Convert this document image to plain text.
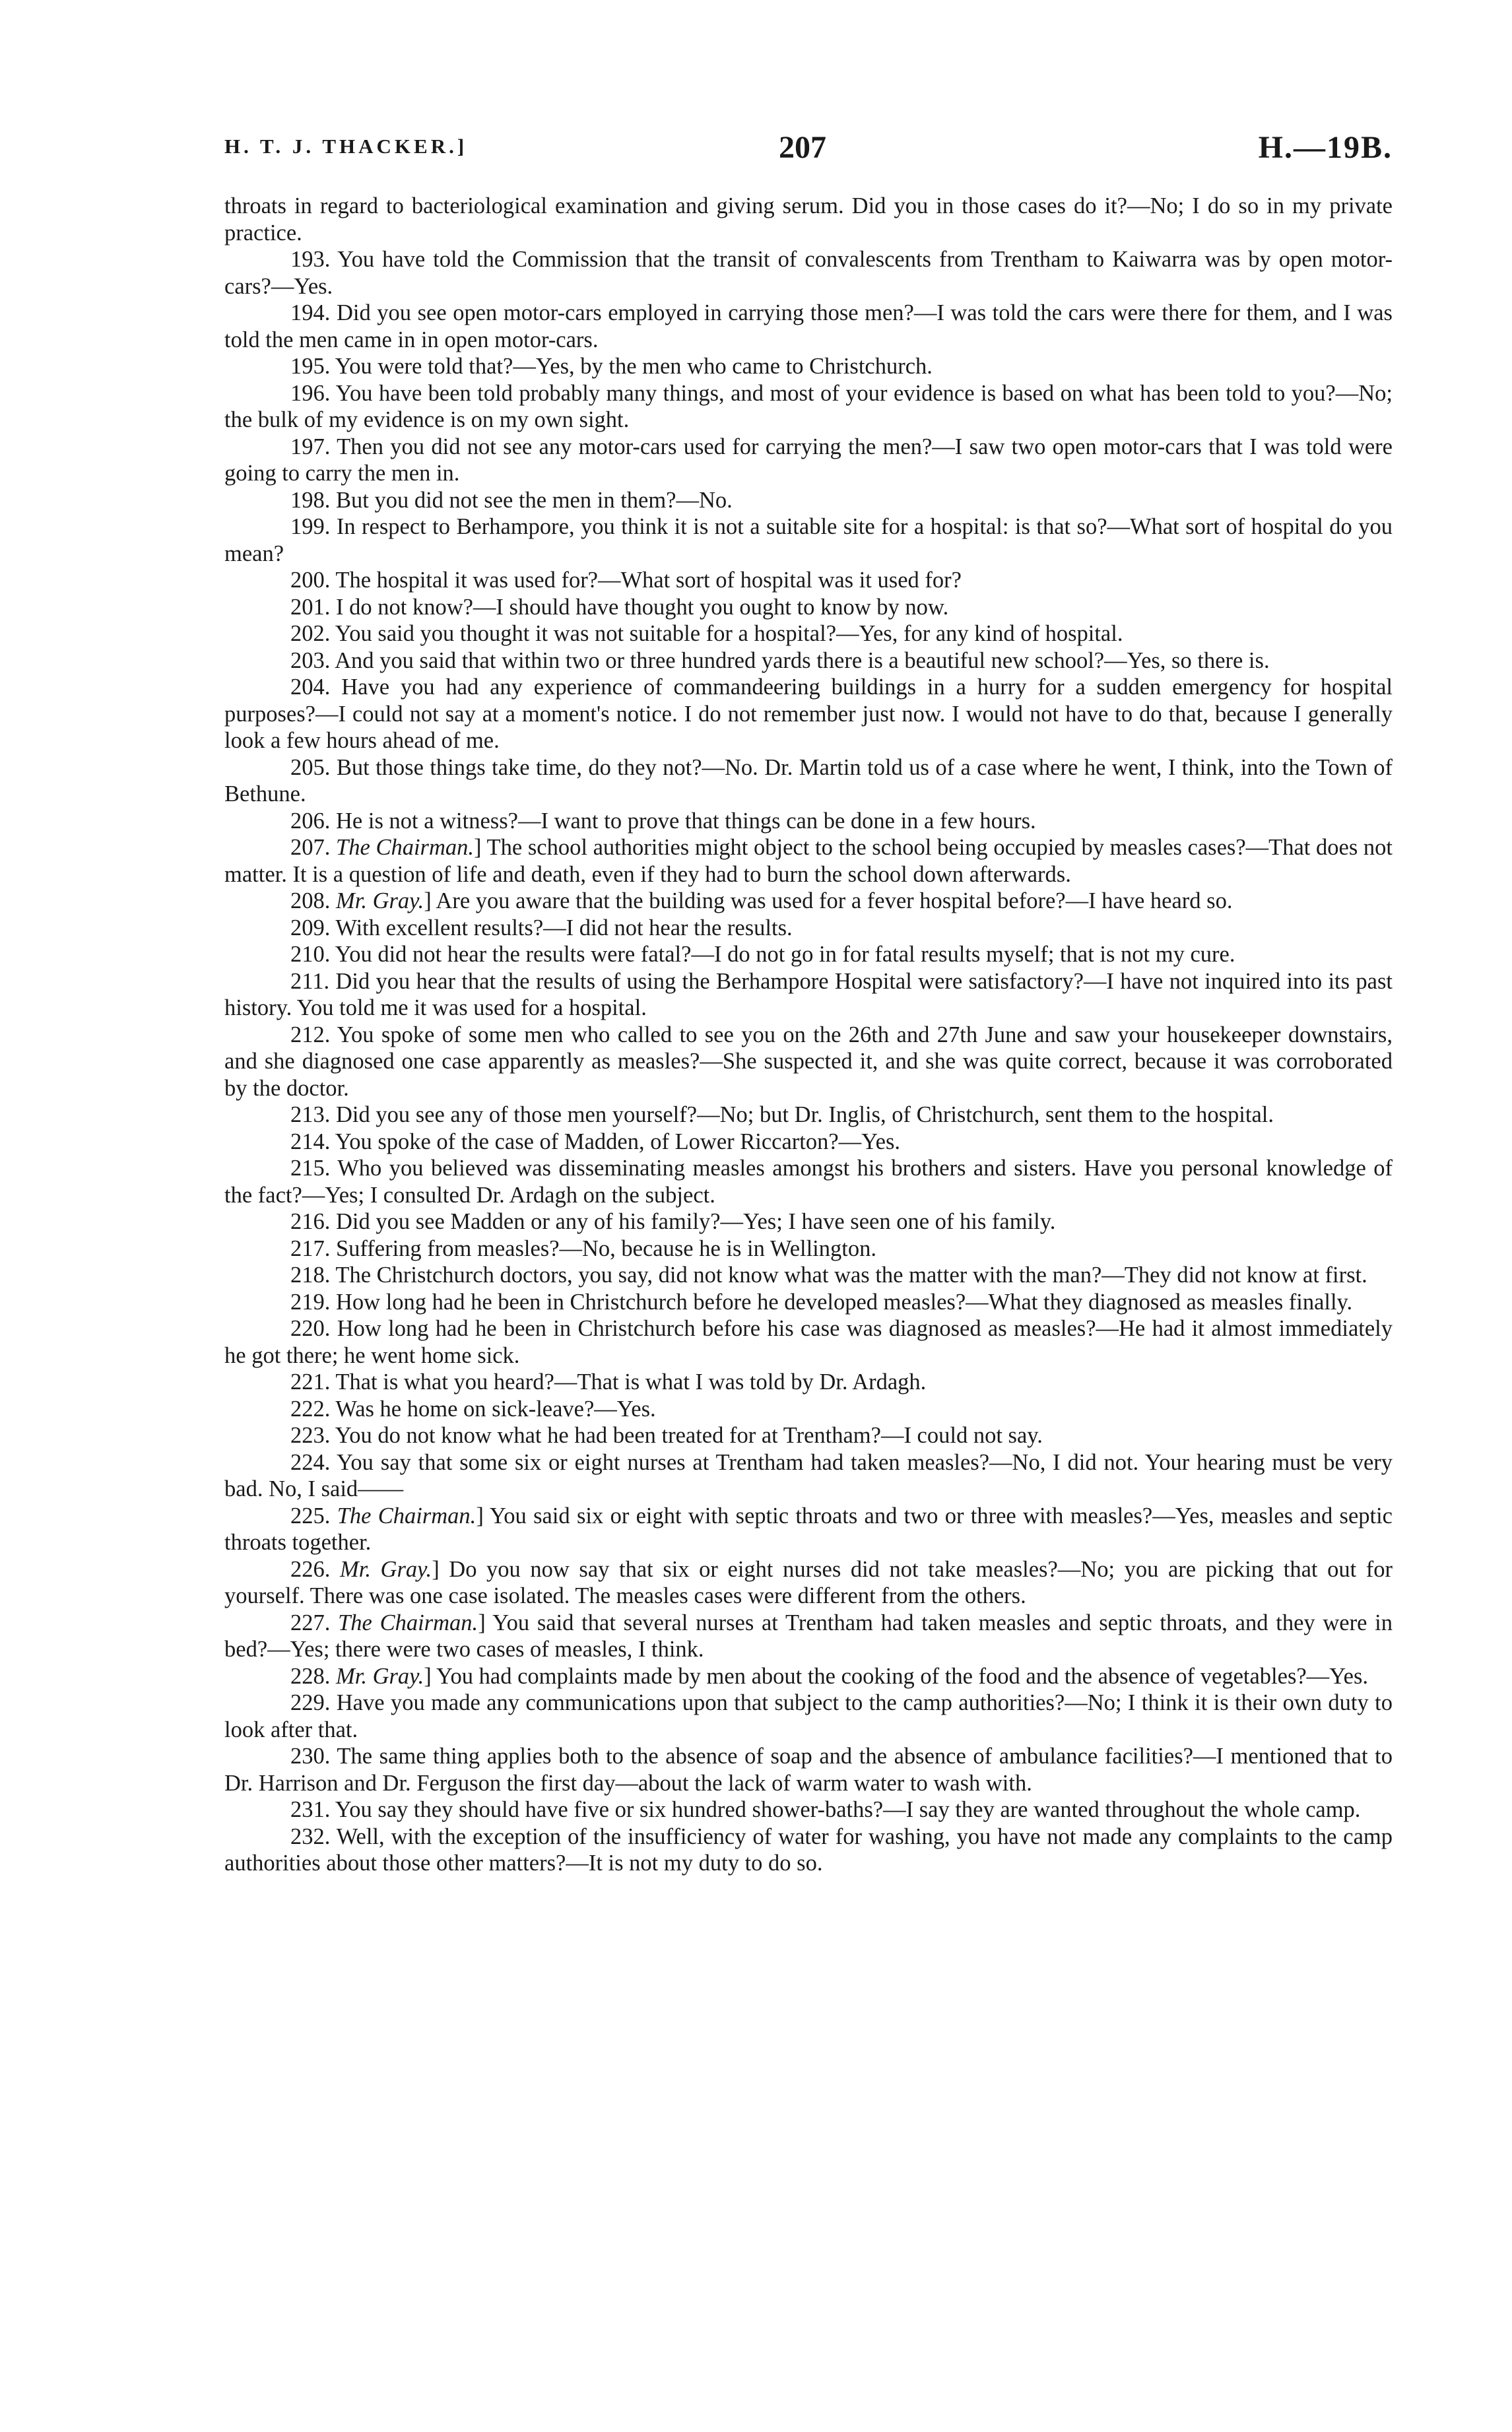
H. T. J. THACKER.]	207	H.—19B.

throats in regard to bacteriological examination and giving serum. Did you in those cases do it?—No; I do so in my private practice.

193. You have told the Commission that the transit of convalescents from Trentham to Kaiwarra was by open motor-cars?—Yes.

194. Did you see open motor-cars employed in carrying those men?—I was told the cars were there for them, and I was told the men came in in open motor-cars.

195. You were told that?—Yes, by the men who came to Christchurch.

196. You have been told probably many things, and most of your evidence is based on what has been told to you?—No; the bulk of my evidence is on my own sight.

197. Then you did not see any motor-cars used for carrying the men?—I saw two open motor-cars that I was told were going to carry the men in.

198. But you did not see the men in them?—No.

199. In respect to Berhampore, you think it is not a suitable site for a hospital: is that so?—What sort of hospital do you mean?

200. The hospital it was used for?—What sort of hospital was it used for?

201. I do not know?—I should have thought you ought to know by now.

202. You said you thought it was not suitable for a hospital?—Yes, for any kind of hospital.

203. And you said that within two or three hundred yards there is a beautiful new school?—Yes, so there is.

204. Have you had any experience of commandeering buildings in a hurry for a sudden emergency for hospital purposes?—I could not say at a moment's notice. I do not remember just now. I would not have to do that, because I generally look a few hours ahead of me.

205. But those things take time, do they not?—No. Dr. Martin told us of a case where he went, I think, into the Town of Bethune.

206. He is not a witness?—I want to prove that things can be done in a few hours.

207. The Chairman.] The school authorities might object to the school being occupied by measles cases?—That does not matter. It is a question of life and death, even if they had to burn the school down afterwards.

208. Mr. Gray.] Are you aware that the building was used for a fever hospital before?—I have heard so.

209. With excellent results?—I did not hear the results.

210. You did not hear the results were fatal?—I do not go in for fatal results myself; that is not my cure.

211. Did you hear that the results of using the Berhampore Hospital were satisfactory?—I have not inquired into its past history. You told me it was used for a hospital.

212. You spoke of some men who called to see you on the 26th and 27th June and saw your housekeeper downstairs, and she diagnosed one case apparently as measles?—She suspected it, and she was quite correct, because it was corroborated by the doctor.

213. Did you see any of those men yourself?—No; but Dr. Inglis, of Christchurch, sent them to the hospital.

214. You spoke of the case of Madden, of Lower Riccarton?—Yes.

215. Who you believed was disseminating measles amongst his brothers and sisters. Have you personal knowledge of the fact?—Yes; I consulted Dr. Ardagh on the subject.

216. Did you see Madden or any of his family?—Yes; I have seen one of his family.

217. Suffering from measles?—No, because he is in Wellington.

218. The Christchurch doctors, you say, did not know what was the matter with the man?—They did not know at first.

219. How long had he been in Christchurch before he developed measles?—What they diagnosed as measles finally.

220. How long had he been in Christchurch before his case was diagnosed as measles?—He had it almost immediately he got there; he went home sick.

221. That is what you heard?—That is what I was told by Dr. Ardagh.

222. Was he home on sick-leave?—Yes.

223. You do not know what he had been treated for at Trentham?—I could not say.

224. You say that some six or eight nurses at Trentham had taken measles?—No, I did not. Your hearing must be very bad. No, I said——

225. The Chairman.] You said six or eight with septic throats and two or three with measles?—Yes, measles and septic throats together.

226. Mr. Gray.] Do you now say that six or eight nurses did not take measles?—No; you are picking that out for yourself. There was one case isolated. The measles cases were different from the others.

227. The Chairman.] You said that several nurses at Trentham had taken measles and septic throats, and they were in bed?—Yes; there were two cases of measles, I think.

228. Mr. Gray.] You had complaints made by men about the cooking of the food and the absence of vegetables?—Yes.

229. Have you made any communications upon that subject to the camp authorities?—No; I think it is their own duty to look after that.

230. The same thing applies both to the absence of soap and the absence of ambulance facilities?—I mentioned that to Dr. Harrison and Dr. Ferguson the first day—about the lack of warm water to wash with.

231. You say they should have five or six hundred shower-baths?—I say they are wanted throughout the whole camp.

232. Well, with the exception of the insufficiency of water for washing, you have not made any complaints to the camp authorities about those other matters?—It is not my duty to do so.
